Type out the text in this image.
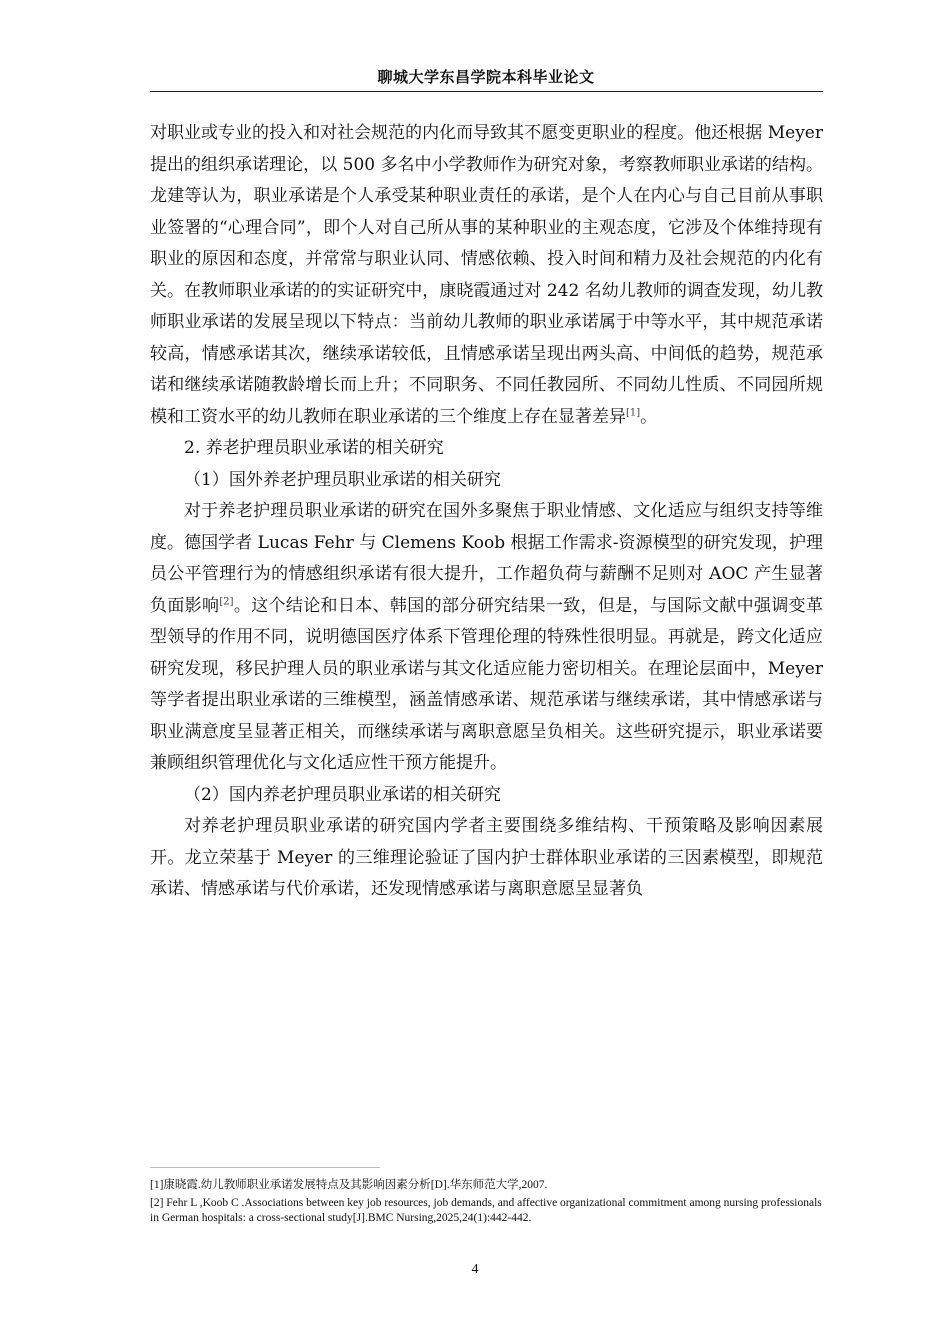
聊城大学东昌学院本科毕业论文

对职业或专业的投入和对社会规范的内化而导致其不愿变更职业的程度。他还根据 Meyer 提出的组织承诺理论，以 500 多名中小学教师作为研究对象，考察教师职业承诺的结构。龙建等认为，职业承诺是个人承受某种职业责任的承诺，是个人在内心与自己目前从事职业签署的“心理合同”，即个人对自己所从事的某种职业的主观态度，它涉及个体维持现有职业的原因和态度，并常常与职业认同、情感依赖、投入时间和精力及社会规范的内化有关。在教师职业承诺的的实证研究中，康晓霞通过对 242 名幼儿教师的调查发现，幼儿教师职业承诺的发展呈现以下特点：当前幼儿教师的职业承诺属于中等水平，其中规范承诺较高，情感承诺其次，继续承诺较低，且情感承诺呈现出两头高、中间低的趋势，规范承诺和继续承诺随教龄增长而上升；不同职务、不同任教园所、不同幼儿性质、不同园所规模和工资水平的幼儿教师在职业承诺的三个维度上存在显著差异[1]。

2. 养老护理员职业承诺的相关研究

（1）国外养老护理员职业承诺的相关研究

对于养老护理员职业承诺的研究在国外多聚焦于职业情感、文化适应与组织支持等维度。德国学者 Lucas Fehr 与 Clemens Koob 根据工作需求-资源模型的研究发现，护理员公平管理行为的情感组织承诺有很大提升，工作超负荷与薪酬不足则对 AOC 产生显著负面影响[2]。这个结论和日本、韩国的部分研究结果一致，但是，与国际文献中强调变革型领导的作用不同，说明德国医疗体系下管理伦理的特殊性很明显。再就是，跨文化适应研究发现，移民护理人员的职业承诺与其文化适应能力密切相关。在理论层面中，Meyer 等学者提出职业承诺的三维模型，涵盖情感承诺、规范承诺与继续承诺，其中情感承诺与职业满意度呈显著正相关，而继续承诺与离职意愿呈负相关。这些研究提示，职业承诺要兼顾组织管理优化与文化适应性干预方能提升。

（2）国内养老护理员职业承诺的相关研究

对养老护理员职业承诺的研究国内学者主要围绕多维结构、干预策略及影响因素展开。龙立荣基于 Meyer 的三维理论验证了国内护士群体职业承诺的三因素模型，即规范承诺、情感承诺与代价承诺，还发现情感承诺与离职意愿呈显著负

[1]康晓霞.幼儿教师职业承诺发展特点及其影响因素分析[D].华东师范大学,2007.

[2] Fehr L ,Koob C .Associations between key job resources, job demands, and affective organizational commitment among nursing professionals in German hospitals: a cross-sectional study[J].BMC Nursing,2025,24(1):442-442.

4
